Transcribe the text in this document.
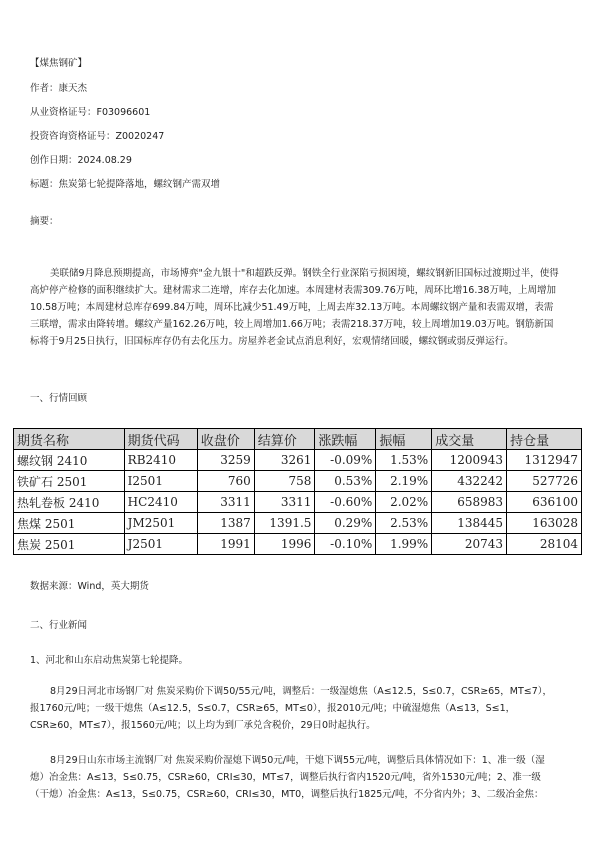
【煤焦钢矿】
作者：康天杰
从业资格证号：F03096601
投资咨询资格证号：Z0020247
创作日期：2024.08.29
标题：焦炭第七轮提降落地，螺纹钢产需双增
摘要：
美联储9月降息预期提高，市场博弈"金九银十"和超跌反弹。钢铁全行业深陷亏损困境，螺纹钢新旧国标过渡期过半，使得
高炉停产检修的面积继续扩大。建材需求二连增，库存去化加速。本周建材表需309.76万吨，周环比增16.38万吨，上周增加
10.58万吨；本周建材总库存699.84万吨，周环比减少51.49万吨，上周去库32.13万吨。本周螺纹钢产量和表需双增，表需
三联增，需求由降转增。螺纹产量162.26万吨，较上周增加1.66万吨；表需218.37万吨，较上周增加19.03万吨。钢筋新国
标将于9月25日执行，旧国标库存仍有去化压力。房屋养老金试点消息利好，宏观情绪回暖，螺纹钢或弱反弹运行。
一、行情回顾
期货名称	期货代码	收盘价	结算价	涨跌幅	振幅	成交量	持仓量
螺纹钢 2410	RB2410	3259	3261	-0.09%	1.53%	1200943	1312947
铁矿石 2501	I2501	760	758	0.53%	2.19%	432242	527726
热轧卷板 2410	HC2410	3311	3311	-0.60%	2.02%	658983	636100
焦煤 2501	JM2501	1387	1391.5	0.29%	2.53%	138445	163028
焦炭 2501	J2501	1991	1996	-0.10%	1.99%	20743	28104
数据来源：Wind，英大期货
二、行业新闻
1、河北和山东启动焦炭第七轮提降。
8月29日河北市场钢厂对 焦炭采购价下调50/55元/吨，调整后：一级湿熄焦（A≤12.5，S≤0.7，CSR≥65，MT≤7），
报1760元/吨；一级干熄焦（A≤12.5，S≤0.7，CSR≥65，MT≤0），报2010元/吨；中硫湿熄焦（A≤13，S≤1，
CSR≥60，MT≤7），报1560元/吨；以上均为到厂承兑含税价，29日0时起执行。
8月29日山东市场主流钢厂对 焦炭采购价湿熄下调50元/吨，干熄下调55元/吨，调整后具体情况如下：1、准一级（湿
熄）冶金焦：A≤13，S≤0.75，CSR≥60，CRI≤30，MT≤7，调整后执行省内1520元/吨，省外1530元/吨；2、准一级
（干熄）冶金焦：A≤13，S≤0.75，CSR≥60，CRI≤30，MT0，调整后执行1825元/吨，不分省内外；3、二级冶金焦：
